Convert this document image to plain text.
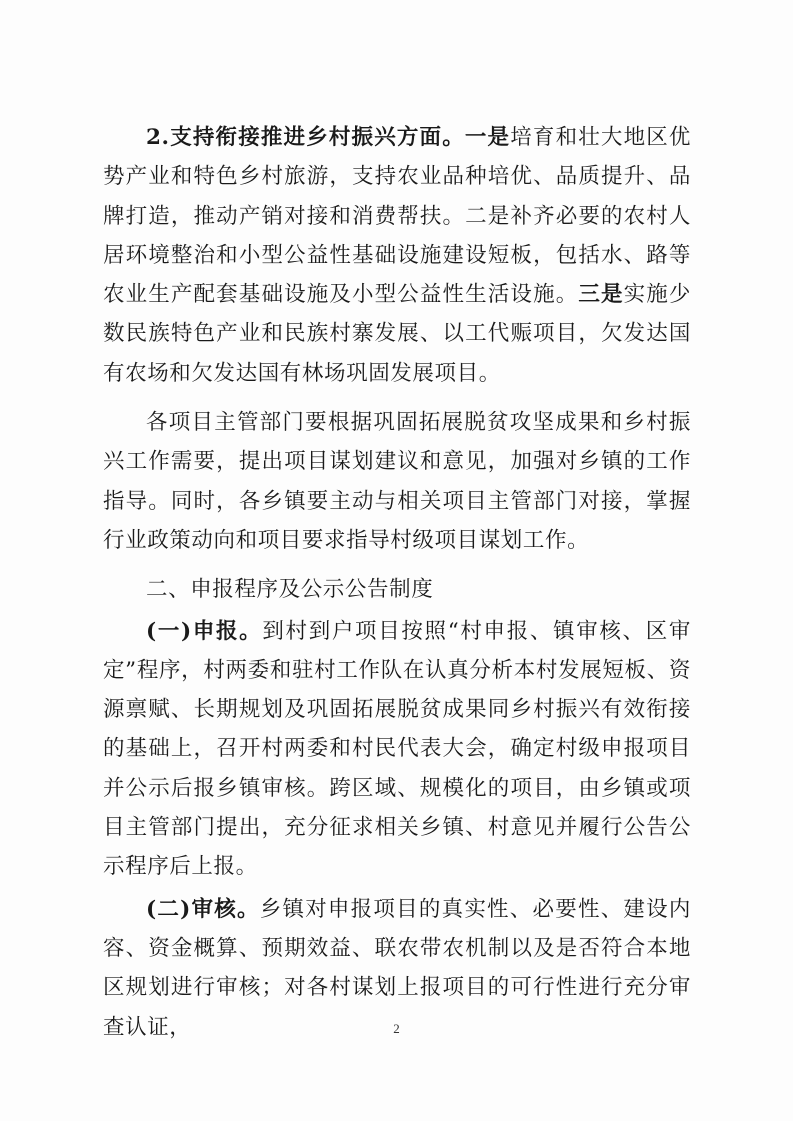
2.支持衔接推进乡村振兴方面。一是培育和壮大地区优势产业和特色乡村旅游，支持农业品种培优、品质提升、品牌打造，推动产销对接和消费帮扶。二是补齐必要的农村人居环境整治和小型公益性基础设施建设短板，包括水、路等农业生产配套基础设施及小型公益性生活设施。三是实施少数民族特色产业和民族村寨发展、以工代赈项目，欠发达国有农场和欠发达国有林场巩固发展项目。

各项目主管部门要根据巩固拓展脱贫攻坚成果和乡村振兴工作需要，提出项目谋划建议和意见，加强对乡镇的工作指导。同时，各乡镇要主动与相关项目主管部门对接，掌握行业政策动向和项目要求指导村级项目谋划工作。

二、申报程序及公示公告制度

(一)申报。到村到户项目按照“村申报、镇审核、区审定”程序，村两委和驻村工作队在认真分析本村发展短板、资源禀赋、长期规划及巩固拓展脱贫成果同乡村振兴有效衔接的基础上，召开村两委和村民代表大会，确定村级申报项目并公示后报乡镇审核。跨区域、规模化的项目，由乡镇或项目主管部门提出，充分征求相关乡镇、村意见并履行公告公示程序后上报。

(二)审核。乡镇对申报项目的真实性、必要性、建设内容、资金概算、预期效益、联农带农机制以及是否符合本地区规划进行审核；对各村谋划上报项目的可行性进行充分审查认证，	2
